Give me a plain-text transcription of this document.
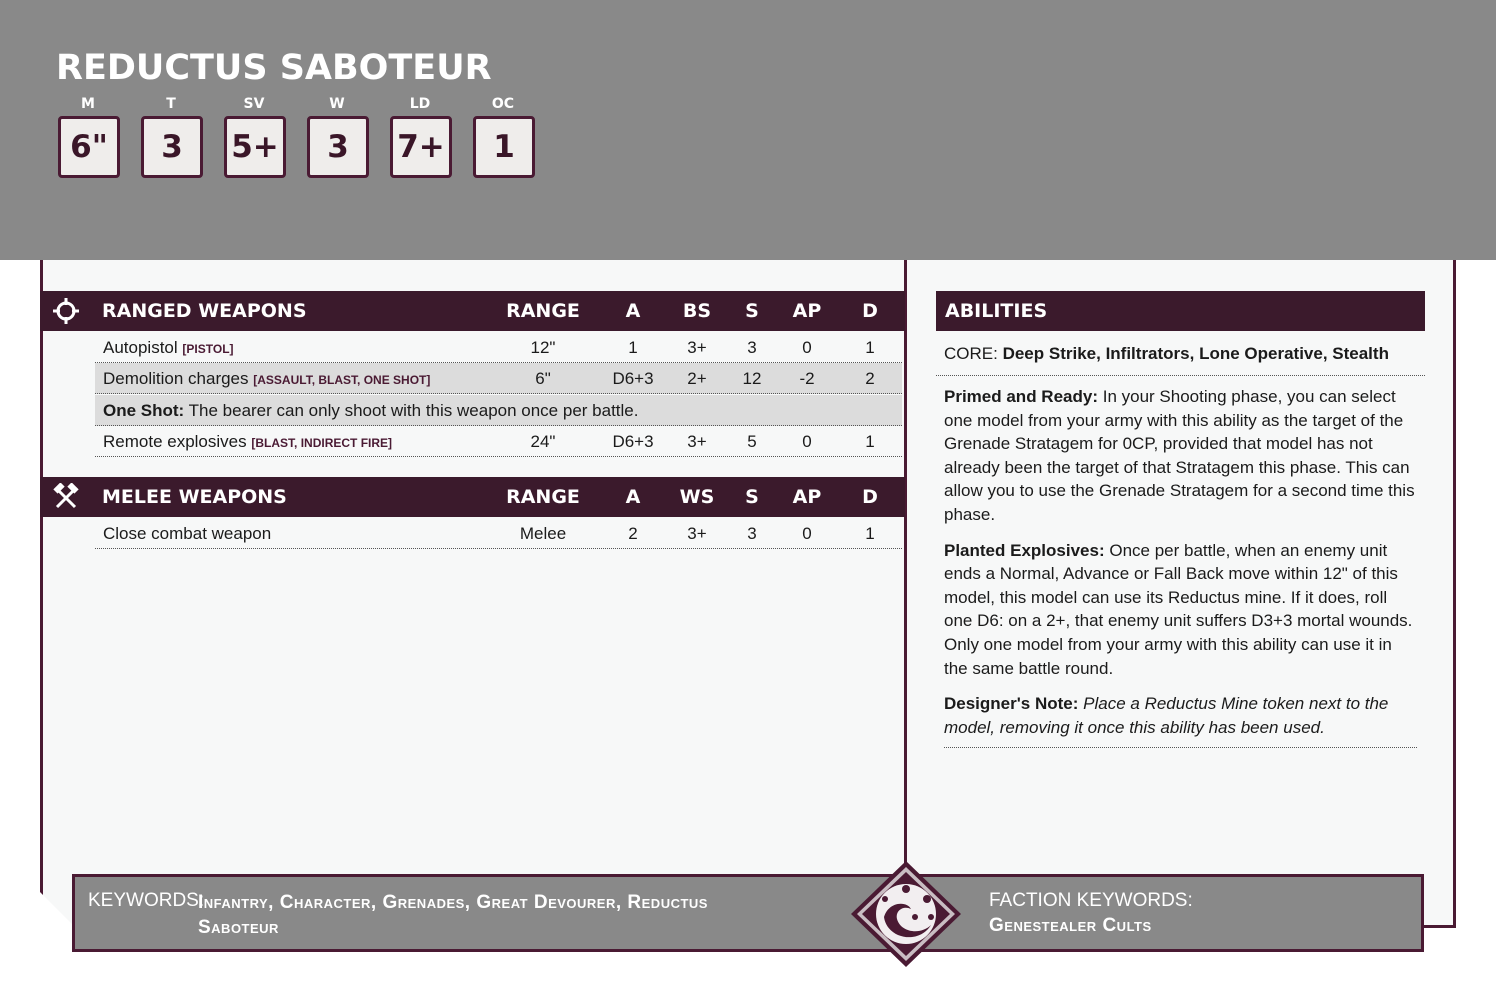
REDUCTUS SABOTEUR
M
6"
T
3
SV
5+
W
3
LD
7+
OC
1
RANGED WEAPONS	RANGE	A	BS	S	AP	D
Autopistol [PISTOL]	12"	1	3+	3	0	1
Demolition charges [ASSAULT, BLAST, ONE SHOT]	6"	D6+3	2+	12	-2	2
One Shot: The bearer can only shoot with this weapon once per battle.
Remote explosives [BLAST, INDIRECT FIRE]	24"	D6+3	3+	5	0	1
MELEE WEAPONS	RANGE	A	WS	S	AP	D
Close combat weapon	Melee	2	3+	3	0	1
ABILITIES
CORE: Deep Strike, Infiltrators, Lone Operative, Stealth

Primed and Ready: In your Shooting phase, you can select one model from your army with this ability as the target of the Grenade Stratagem for 0CP, provided that model has not already been the target of that Stratagem this phase. This can allow you to use the Grenade Stratagem for a second time this phase.

Planted Explosives: Once per battle, when an enemy unit ends a Normal, Advance or Fall Back move within 12" of this model, this model can use its Reductus mine. If it does, roll one D6: on a 2+, that enemy unit suffers D3+3 mortal wounds. Only one model from your army with this ability can use it in the same battle round.

Designer's Note: Place a Reductus Mine token next to the model, removing it once this ability has been used.

KEYWORDS:
Infantry, Character, Grenades, Great Devourer, Reductus Saboteur
FACTION KEYWORDS:
Genestealer Cults
